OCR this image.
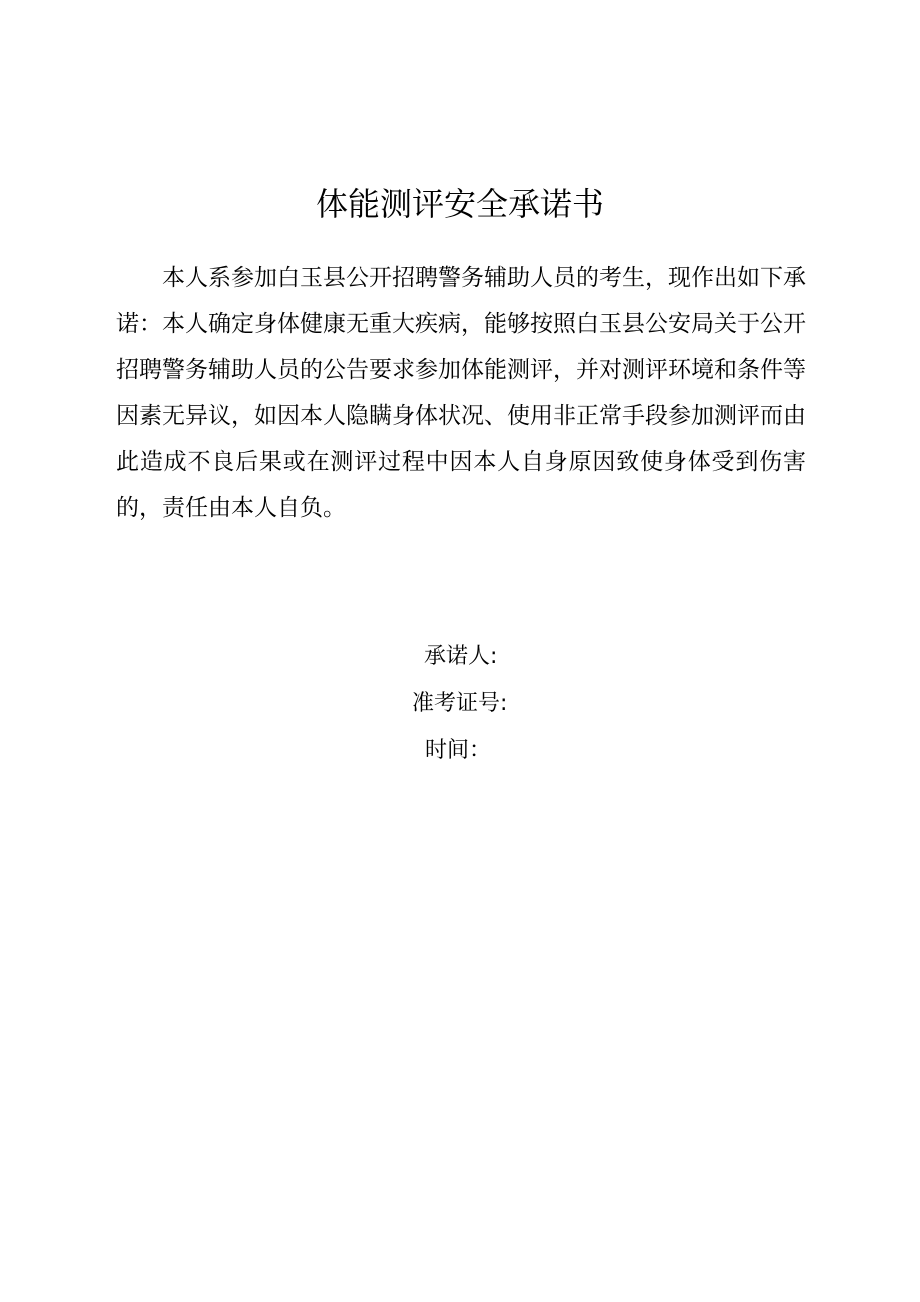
体能测评安全承诺书

本人系参加白玉县公开招聘警务辅助人员的考生，现作出如下承诺：本人确定身体健康无重大疾病，能够按照白玉县公安局关于公开招聘警务辅助人员的公告要求参加体能测评，并对测评环境和条件等因素无异议，如因本人隐瞒身体状况、使用非正常手段参加测评而由此造成不良后果或在测评过程中因本人自身原因致使身体受到伤害的，责任由本人自负。

承诺人:
准考证号:
时间：
